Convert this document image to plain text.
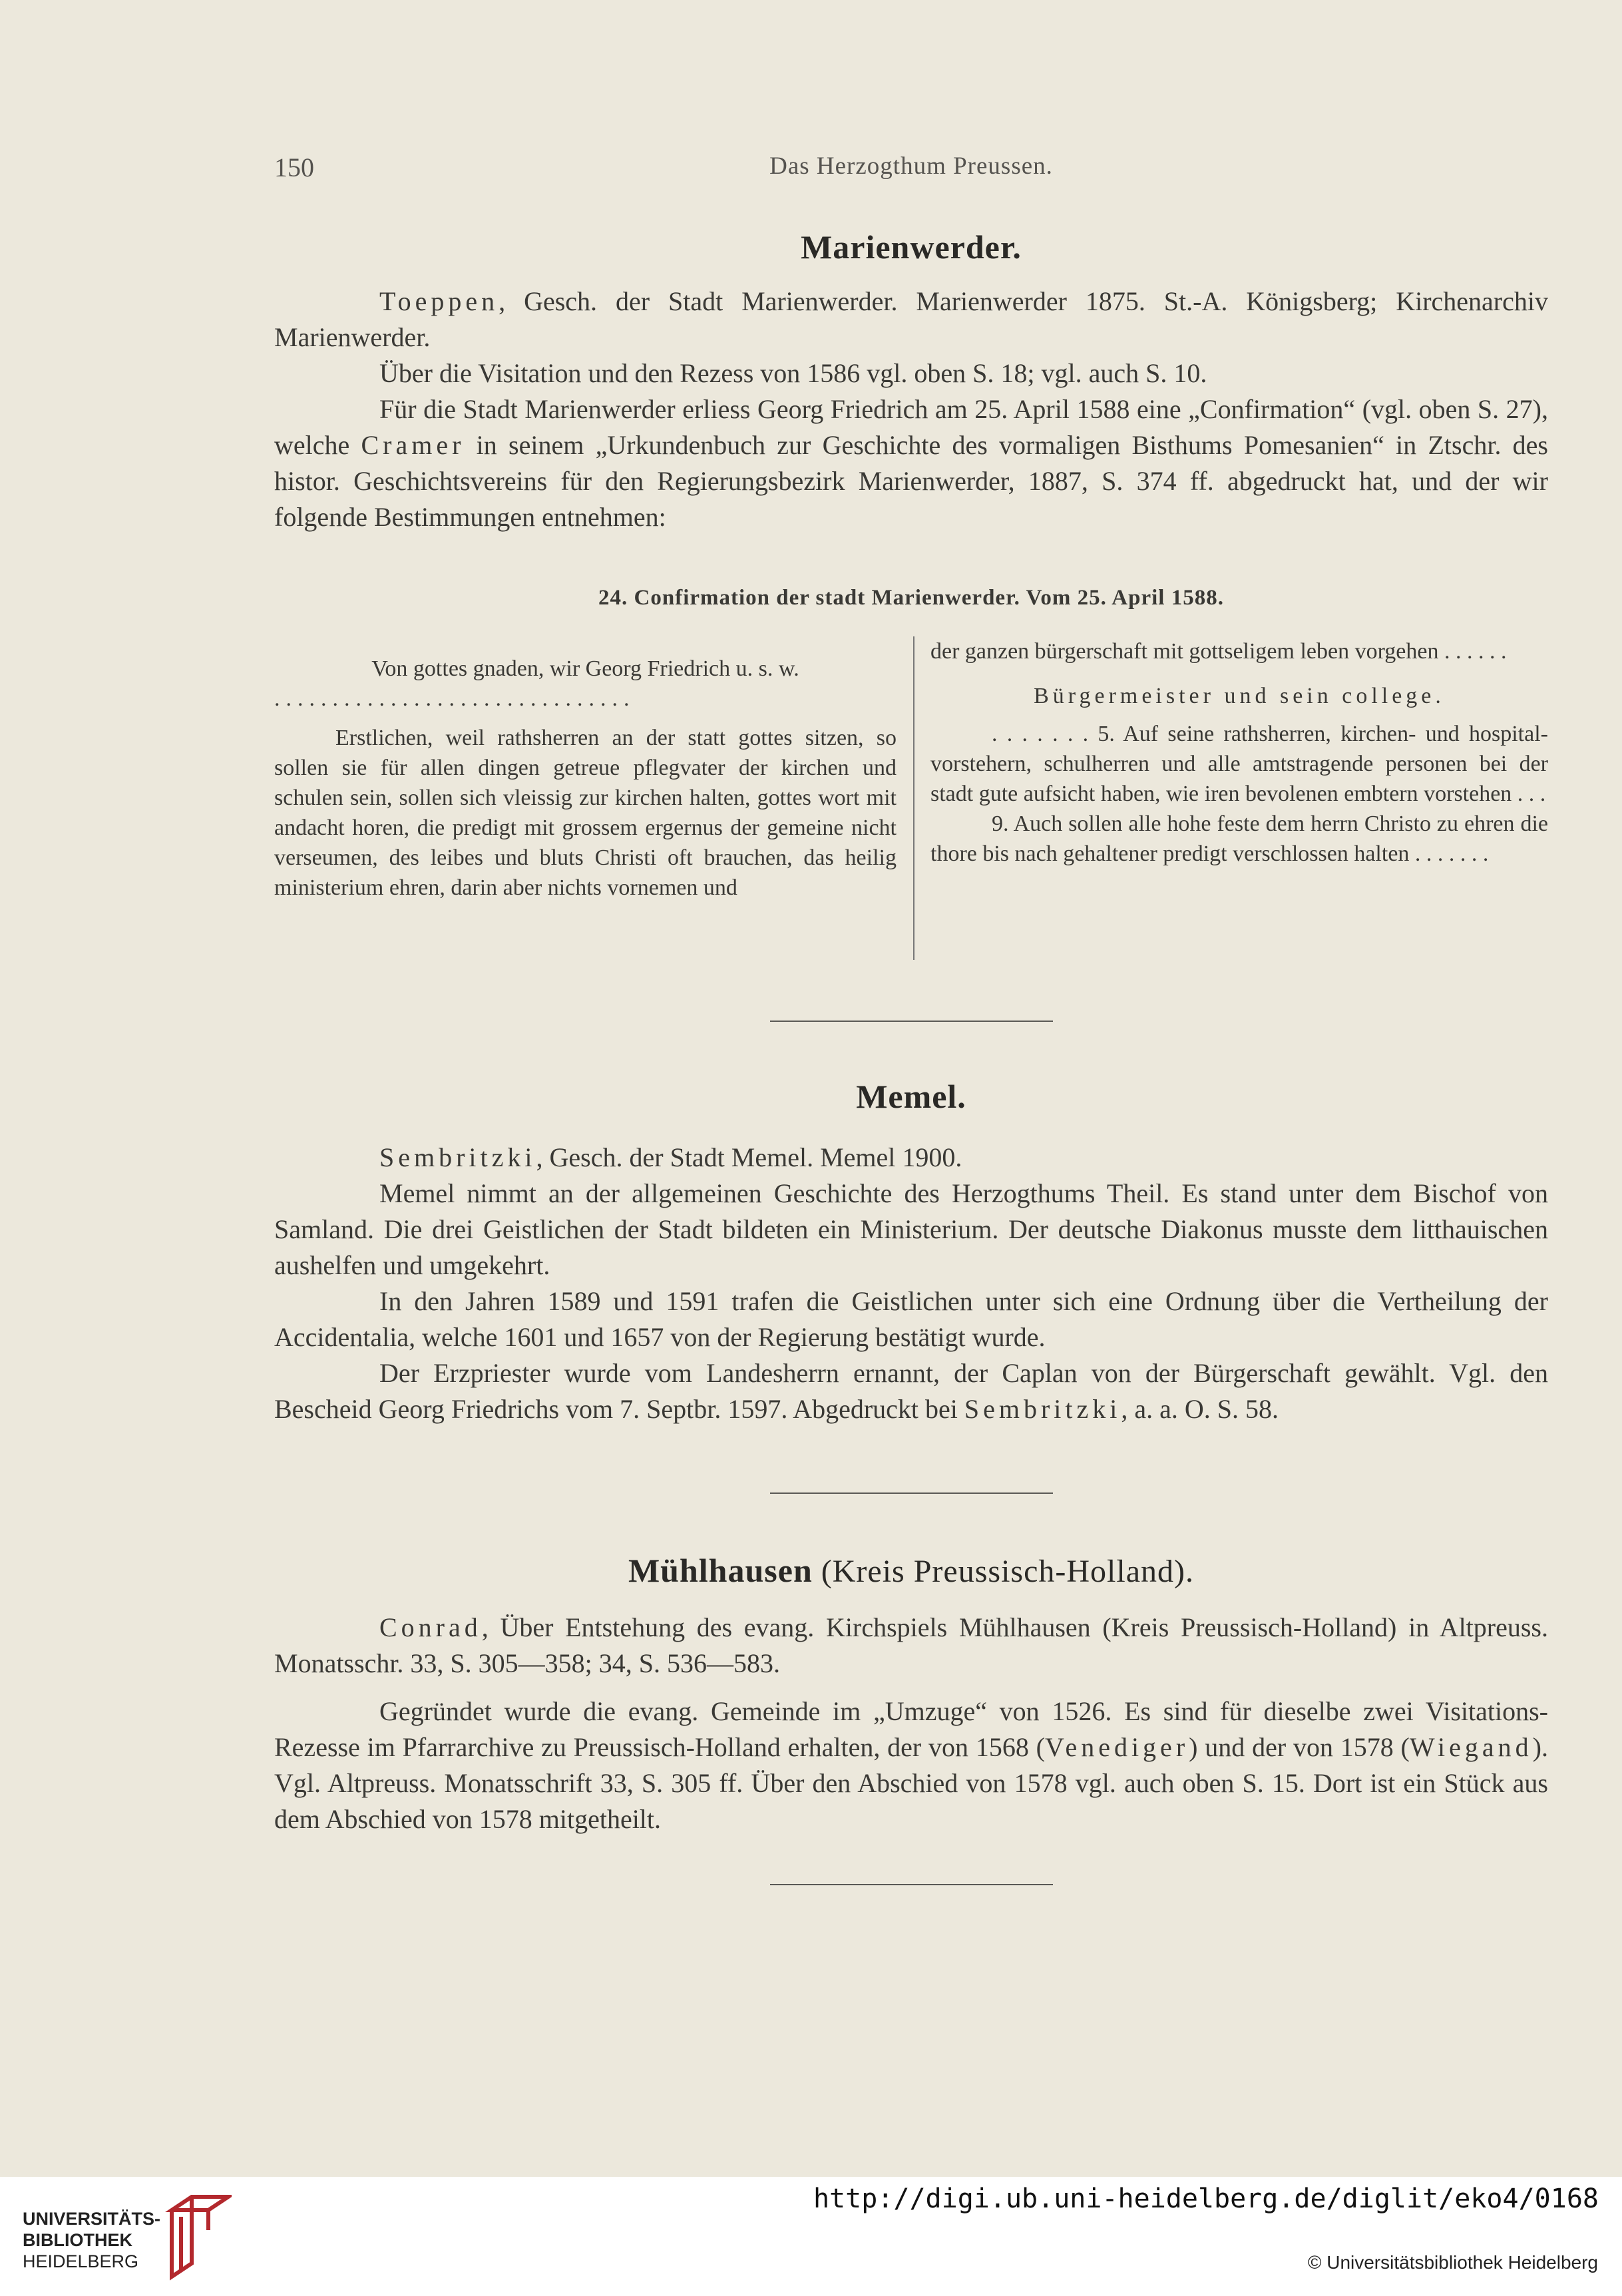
150	Das Herzogthum Preussen.
Marienwerder.

Toeppen, Gesch. der Stadt Marienwerder. Marienwerder 1875. St.-A. Königsberg; Kirchenarchiv Marienwerder.

Über die Visitation und den Rezess von 1586 vgl. oben S. 18; vgl. auch S. 10.

Für die Stadt Marienwerder erliess Georg Friedrich am 25. April 1588 eine „Confirmation“ (vgl. oben S. 27), welche Cramer in seinem „Urkundenbuch zur Geschichte des vormaligen Bisthums Pomesanien“ in Ztschr. des histor. Geschichtsvereins für den Regierungsbezirk Marienwerder, 1887, S. 374 ff. abgedruckt hat, und der wir folgende Bestimmungen entnehmen:

24. Confirmation der stadt Marienwerder. Vom 25. April 1588.

Von gottes gnaden, wir Georg Friedrich u. s. w.

...............................

Erstlichen, weil rathsherren an der statt gottes sitzen, so sollen sie für allen dingen getreue pflegvater der kirchen und schulen sein, sollen sich vleissig zur kirchen halten, gottes wort mit andacht horen, die predigt mit grossem ergernus der gemeine nicht verseumen, des leibes und bluts Christi oft brauchen, das heilig ministerium ehren, darin aber nichts vornemen und

der ganzen bürgerschaft mit gottseligem leben vorgehen . . . . . .

Bürgermeister und sein college.

. . . . . . . 5. Auf seine rathsherren, kirchen- und hospital-vorstehern, schulherren und alle amtstragende personen bei der stadt gute aufsicht haben, wie iren bevolenen embtern vorstehen . . .

9. Auch sollen alle hohe feste dem herrn Christo zu ehren die thore bis nach gehaltener predigt verschlossen halten . . . . . . .

Memel.

Sembritzki, Gesch. der Stadt Memel. Memel 1900.

Memel nimmt an der allgemeinen Geschichte des Herzogthums Theil. Es stand unter dem Bischof von Samland. Die drei Geistlichen der Stadt bildeten ein Ministerium. Der deutsche Diakonus musste dem litthauischen aushelfen und umgekehrt.

In den Jahren 1589 und 1591 trafen die Geistlichen unter sich eine Ordnung über die Vertheilung der Accidentalia, welche 1601 und 1657 von der Regierung bestätigt wurde.

Der Erzpriester wurde vom Landesherrn ernannt, der Caplan von der Bürgerschaft gewählt. Vgl. den Bescheid Georg Friedrichs vom 7. Septbr. 1597. Abgedruckt bei Sembritzki, a. a. O. S. 58.

Mühlhausen (Kreis Preussisch-Holland).

Conrad, Über Entstehung des evang. Kirchspiels Mühlhausen (Kreis Preussisch-Holland) in Altpreuss. Monatsschr. 33, S. 305—358; 34, S. 536—583.

Gegründet wurde die evang. Gemeinde im „Umzuge“ von 1526. Es sind für dieselbe zwei Visitations-Rezesse im Pfarrarchive zu Preussisch-Holland erhalten, der von 1568 (Venediger) und der von 1578 (Wiegand). Vgl. Altpreuss. Monatsschrift 33, S. 305 ff. Über den Abschied von 1578 vgl. auch oben S. 15. Dort ist ein Stück aus dem Abschied von 1578 mitgetheilt.

UNIVERSITÄTS-
BIBLIOTHEK
HEIDELBERG
http://digi.ub.uni-heidelberg.de/diglit/eko4/0168
© Universitätsbibliothek Heidelberg
